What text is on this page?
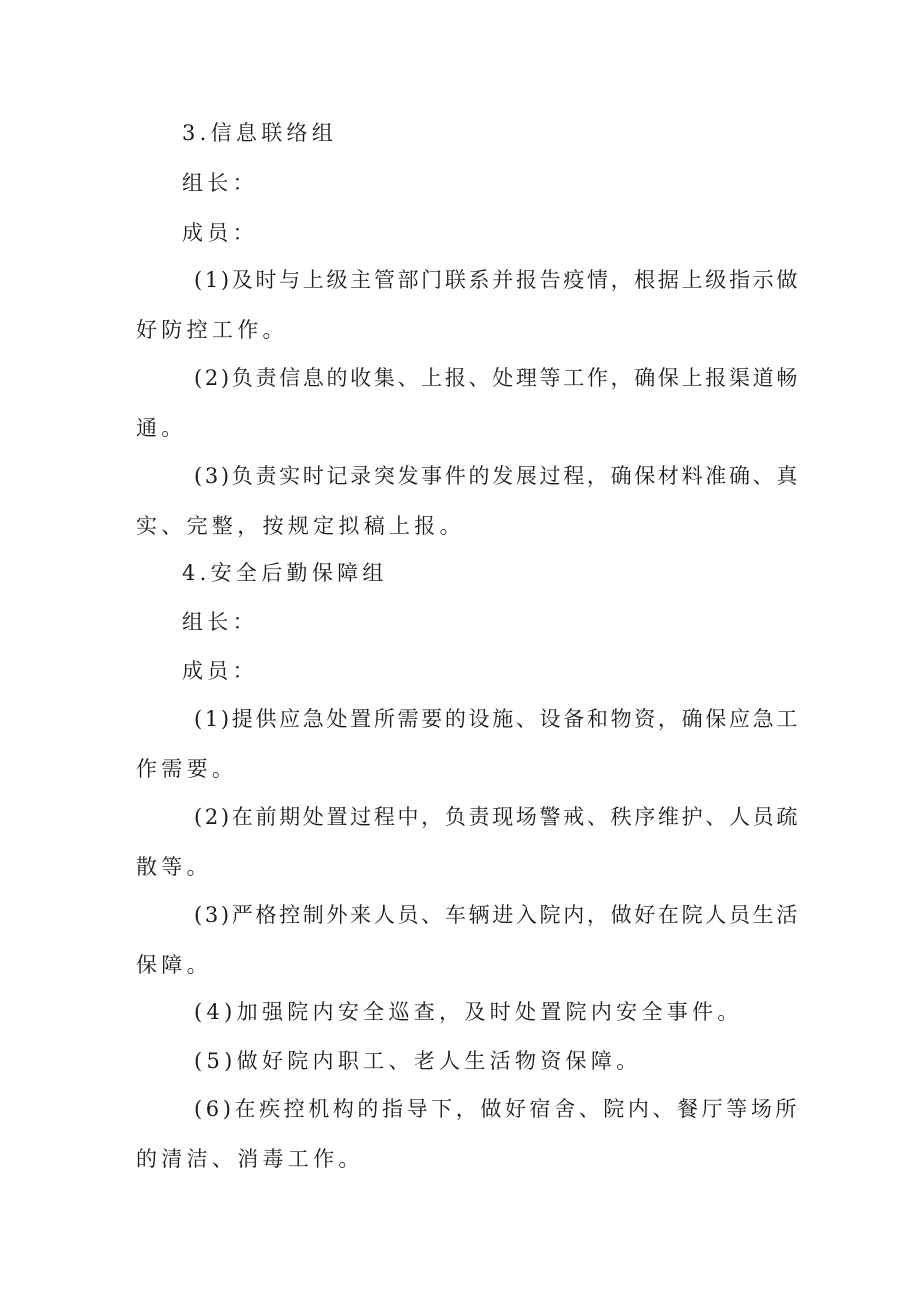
3.信息联络组
组长：
成员：
(1)及时与上级主管部门联系并报告疫情，根据上级指示做
好防控工作。
(2)负责信息的收集、上报、处理等工作，确保上报渠道畅
通。
(3)负责实时记录突发事件的发展过程，确保材料准确、真
实、完整，按规定拟稿上报。
4.安全后勤保障组
组长：
成员：
(1)提供应急处置所需要的设施、设备和物资，确保应急工
作需要。
(2)在前期处置过程中，负责现场警戒、秩序维护、人员疏
散等。
(3)严格控制外来人员、车辆进入院内，做好在院人员生活
保障。
(4)加强院内安全巡查，及时处置院内安全事件。
(5)做好院内职工、老人生活物资保障。
(6)在疾控机构的指导下，做好宿舍、院内、餐厅等场所
的清洁、消毒工作。
